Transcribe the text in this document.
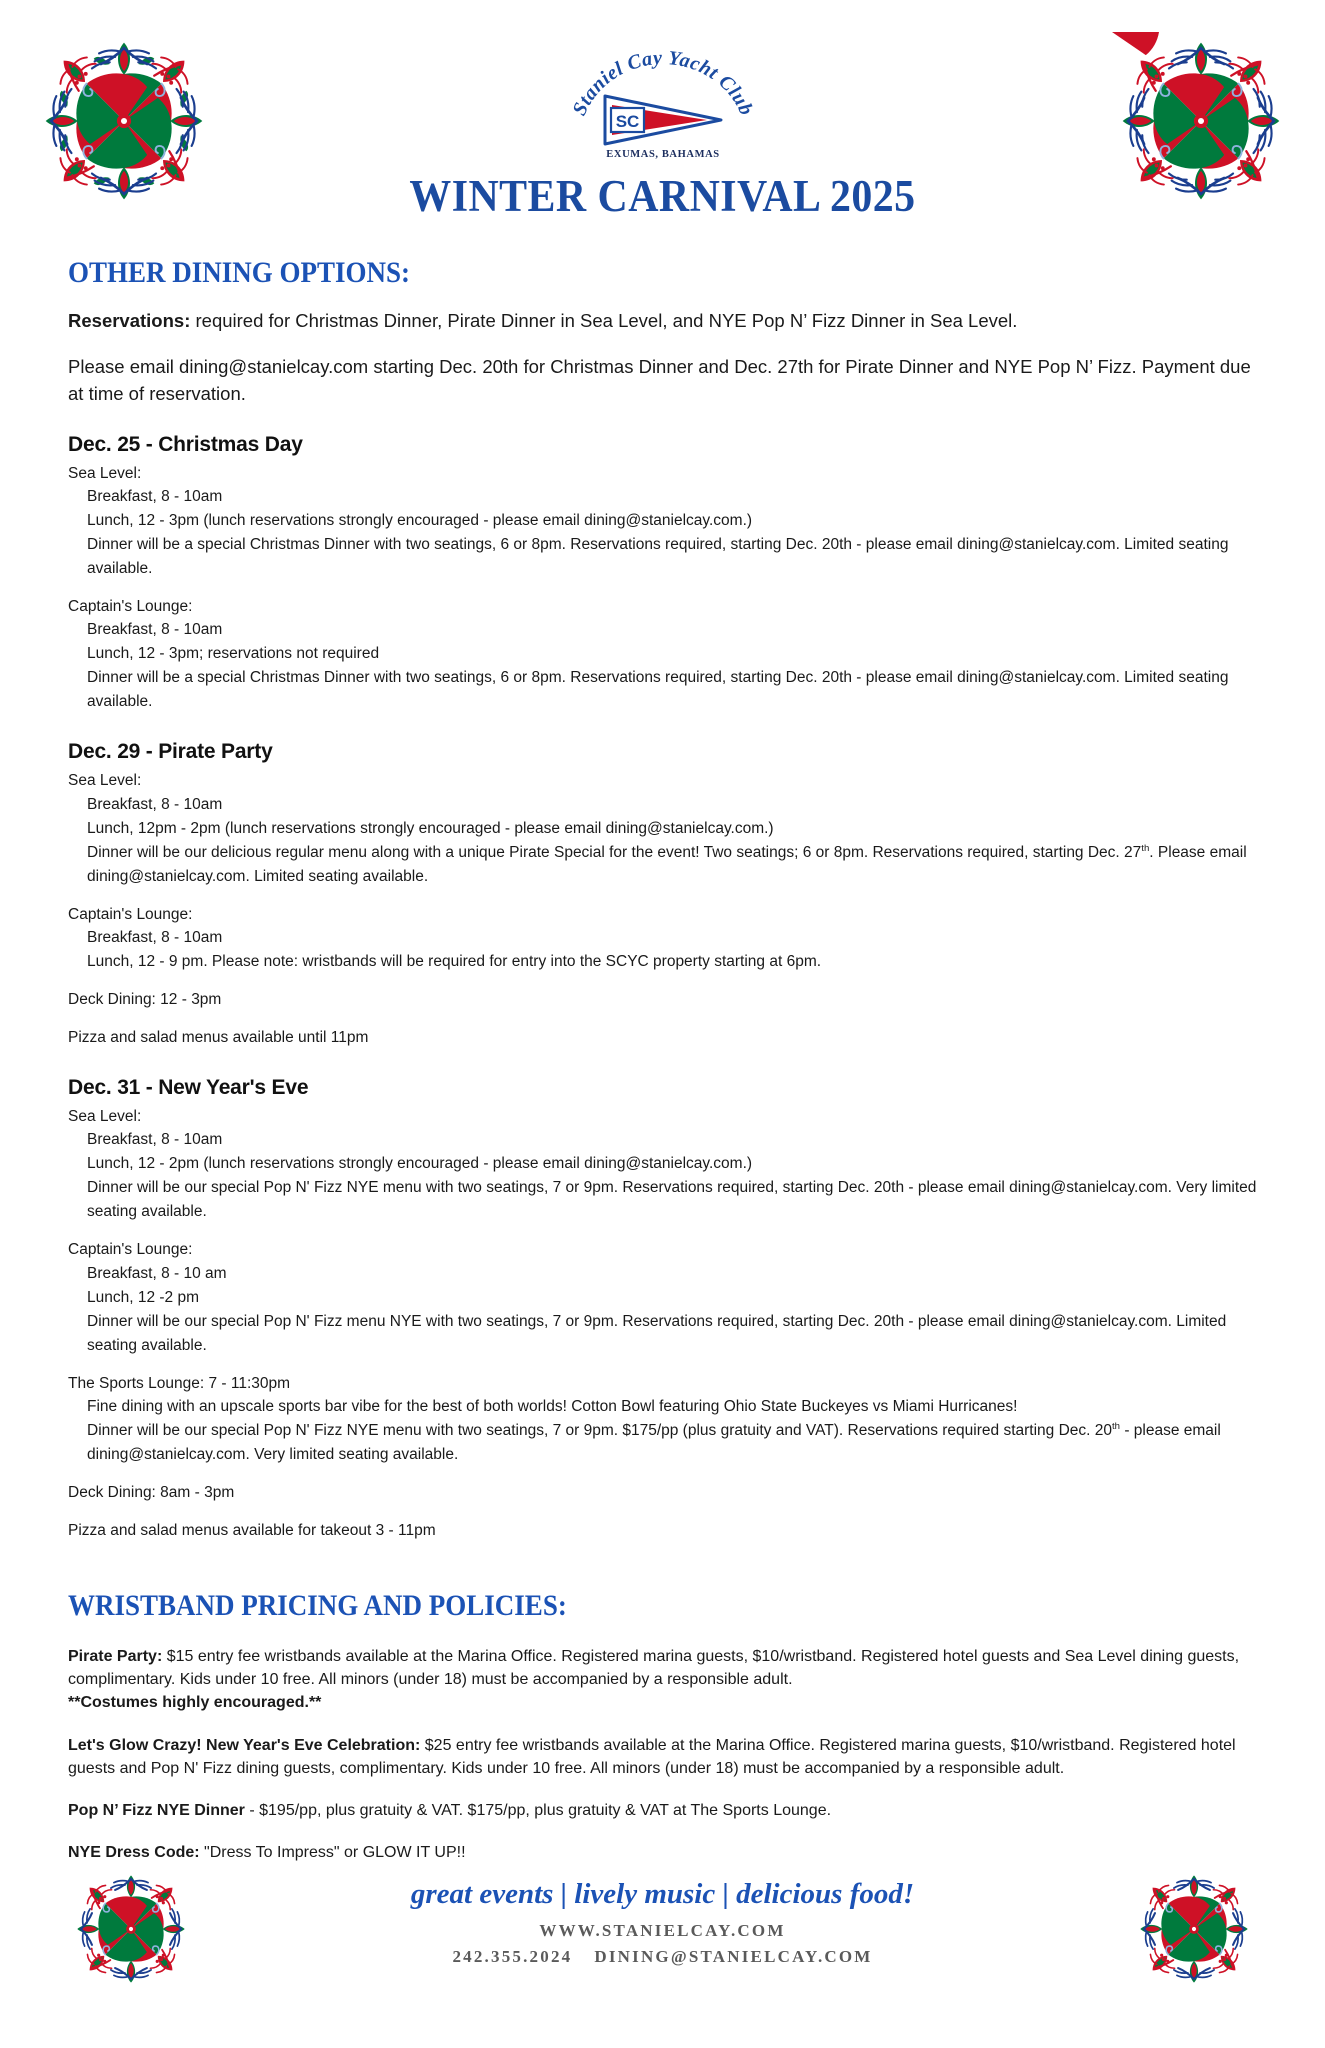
Staniel Cay Yacht Club
SC
EXUMAS, BAHAMAS
WINTER CARNIVAL 2025
OTHER DINING OPTIONS:

Reservations: required for Christmas Dinner, Pirate Dinner in Sea Level, and NYE Pop N’ Fizz Dinner in Sea Level.

Please email dining@stanielcay.com starting Dec. 20th for Christmas Dinner and Dec. 27th for Pirate Dinner and NYE Pop N’ Fizz. Payment due at time of reservation.

Dec. 25 - Christmas Day

Sea Level:

Breakfast, 8 - 10am
Lunch, 12 - 3pm (lunch reservations strongly encouraged - please email dining@stanielcay.com.)
Dinner will be a special Christmas Dinner with two seatings, 6 or 8pm. Reservations required, starting Dec. 20th - please email dining@stanielcay.com. Limited seating available.

Captain's Lounge:

Breakfast, 8 - 10am
Lunch, 12 - 3pm; reservations not required
Dinner will be a special Christmas Dinner with two seatings, 6 or 8pm. Reservations required, starting Dec. 20th - please email dining@stanielcay.com. Limited seating available.
Dec. 29 - Pirate Party

Sea Level:

Breakfast, 8 - 10am
Lunch, 12pm - 2pm (lunch reservations strongly encouraged - please email dining@stanielcay.com.)
Dinner will be our delicious regular menu along with a unique Pirate Special for the event! Two seatings; 6 or 8pm. Reservations required, starting Dec. 27th. Please email dining@stanielcay.com. Limited seating available.

Captain's Lounge:

Breakfast, 8 - 10am
Lunch, 12 - 9 pm. Please note: wristbands will be required for entry into the SCYC property starting at 6pm.

Deck Dining: 12 - 3pm

Pizza and salad menus available until 11pm

Dec. 31 - New Year's Eve

Sea Level:

Breakfast, 8 - 10am
Lunch, 12 - 2pm (lunch reservations strongly encouraged - please email dining@stanielcay.com.)
Dinner will be our special Pop N' Fizz NYE menu with two seatings, 7 or 9pm. Reservations required, starting Dec. 20th - please email dining@stanielcay.com. Very limited seating available.

Captain's Lounge:

Breakfast, 8 - 10 am
Lunch, 12 -2 pm
Dinner will be our special Pop N' Fizz menu NYE with two seatings, 7 or 9pm. Reservations required, starting Dec. 20th - please email dining@stanielcay.com. Limited seating available.

The Sports Lounge: 7 - 11:30pm

Fine dining with an upscale sports bar vibe for the best of both worlds! Cotton Bowl featuring Ohio State Buckeyes vs Miami Hurricanes!
Dinner will be our special Pop N' Fizz NYE menu with two seatings, 7 or 9pm. $175/pp (plus gratuity and VAT). Reservations required starting Dec. 20th - please email dining@stanielcay.com. Very limited seating available.

Deck Dining: 8am - 3pm

Pizza and salad menus available for takeout 3 - 11pm

WRISTBAND PRICING AND POLICIES:

Pirate Party: $15 entry fee wristbands available at the Marina Office. Registered marina guests, $10/wristband. Registered hotel guests and Sea Level dining guests, complimentary. Kids under 10 free. All minors (under 18) must be accompanied by a responsible adult.
**Costumes highly encouraged.**

Let's Glow Crazy! New Year's Eve Celebration: $25 entry fee wristbands available at the Marina Office. Registered marina guests, $10/wristband. Registered hotel guests and Pop N' Fizz dining guests, complimentary. Kids under 10 free. All minors (under 18) must be accompanied by a responsible adult.

Pop N’ Fizz NYE Dinner - $195/pp, plus gratuity & VAT. $175/pp, plus gratuity & VAT at The Sports Lounge.

NYE Dress Code: "Dress To Impress" or GLOW IT UP!!

great events | lively music | delicious food!
WWW.STANIELCAY.COM
242.355.2024 DINING@STANIELCAY.COM
